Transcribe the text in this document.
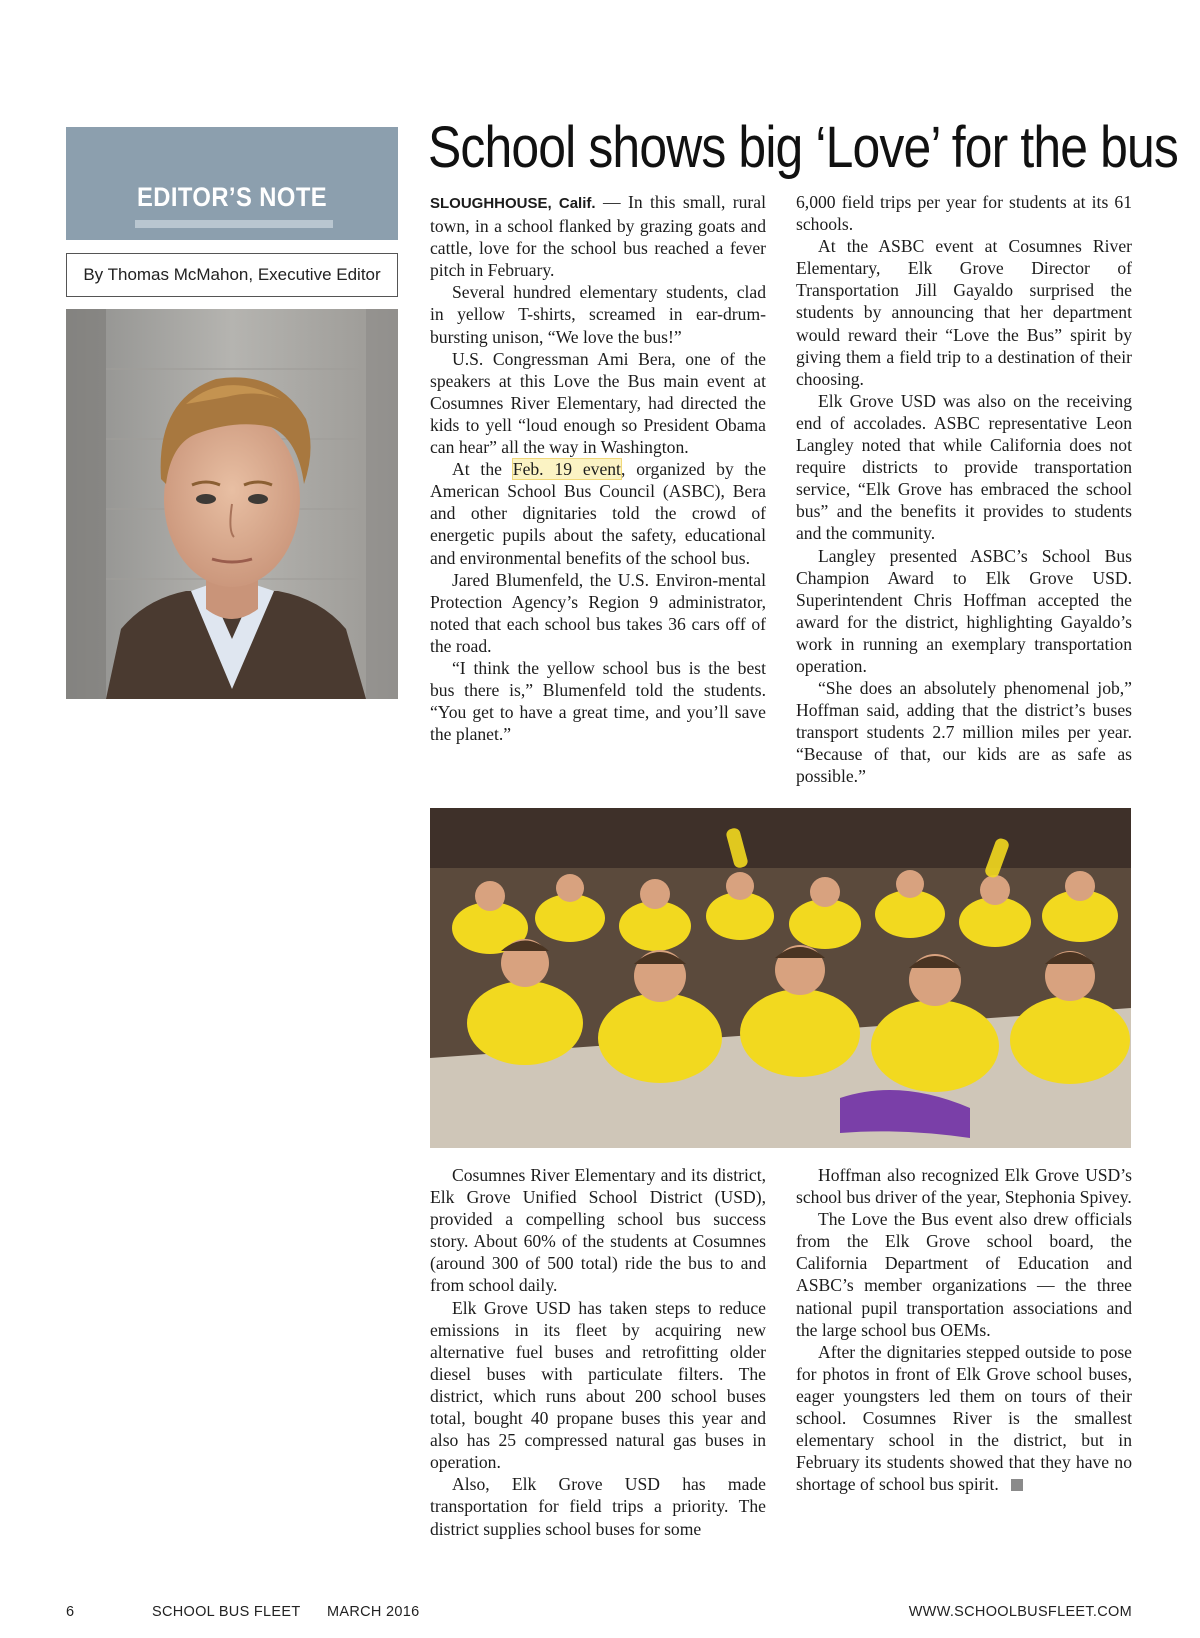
EDITOR’S NOTE
By Thomas McMahon, Executive Editor
School shows big ‘Love’ for the bus

SLOUGHHOUSE, Calif. — In this small, rural town, in a school flanked by grazing goats and cattle, love for the school bus reached a fever pitch in February.

Several hundred elementary students, clad in yellow T-shirts, screamed in ear-drum-bursting unison, “We love the bus!”

U.S. Congressman Ami Bera, one of the speakers at this Love the Bus main event at Cosumnes River Elementary, had directed the kids to yell “loud enough so President Obama can hear” all the way in Washington.

At the Feb. 19 event, organized by the American School Bus Council (ASBC), Bera and other dignitaries told the crowd of energetic pupils about the safety, educational and environmental benefits of the school bus.

Jared Blumenfeld, the U.S. Environ-mental Protection Agency’s Region 9 administrator, noted that each school bus takes 36 cars off of the road.

“I think the yellow school bus is the best bus there is,” Blumenfeld told the students. “You get to have a great time, and you’ll save the planet.”

6,000 field trips per year for students at its 61 schools.

At the ASBC event at Cosumnes River Elementary, Elk Grove Director of Transportation Jill Gayaldo surprised the students by announcing that her department would reward their “Love the Bus” spirit by giving them a field trip to a destination of their choosing.

Elk Grove USD was also on the receiving end of accolades. ASBC representative Leon Langley noted that while California does not require districts to provide transportation service, “Elk Grove has embraced the school bus” and the benefits it provides to students and the community.

Langley presented ASBC’s School Bus Champion Award to Elk Grove USD. Superintendent Chris Hoffman accepted the award for the district, highlighting Gayaldo’s work in running an exemplary transportation operation.

“She does an absolutely phenomenal job,” Hoffman said, adding that the district’s buses transport students 2.7 million miles per year. “Because of that, our kids are as safe as possible.”

Cosumnes River Elementary and its district, Elk Grove Unified School District (USD), provided a compelling school bus success story. About 60% of the students at Cosumnes (around 300 of 500 total) ride the bus to and from school daily.

Elk Grove USD has taken steps to reduce emissions in its fleet by acquiring new alternative fuel buses and retrofitting older diesel buses with particulate filters. The district, which runs about 200 school buses total, bought 40 propane buses this year and also has 25 compressed natural gas buses in operation.

Also, Elk Grove USD has made transportation for field trips a priority. The district supplies school buses for some

Hoffman also recognized Elk Grove USD’s school bus driver of the year, Stephonia Spivey.

The Love the Bus event also drew officials from the Elk Grove school board, the California Department of Education and ASBC’s member organizations — the three national pupil transportation associations and the large school bus OEMs.

After the dignitaries stepped outside to pose for photos in front of Elk Grove school buses, eager youngsters led them on tours of their school. Cosumnes River is the smallest elementary school in the district, but in February its students showed that they have no shortage of school bus spirit.

6	SCHOOL BUS FLEET MARCH 2016	WWW.SCHOOLBUSFLEET.COM
